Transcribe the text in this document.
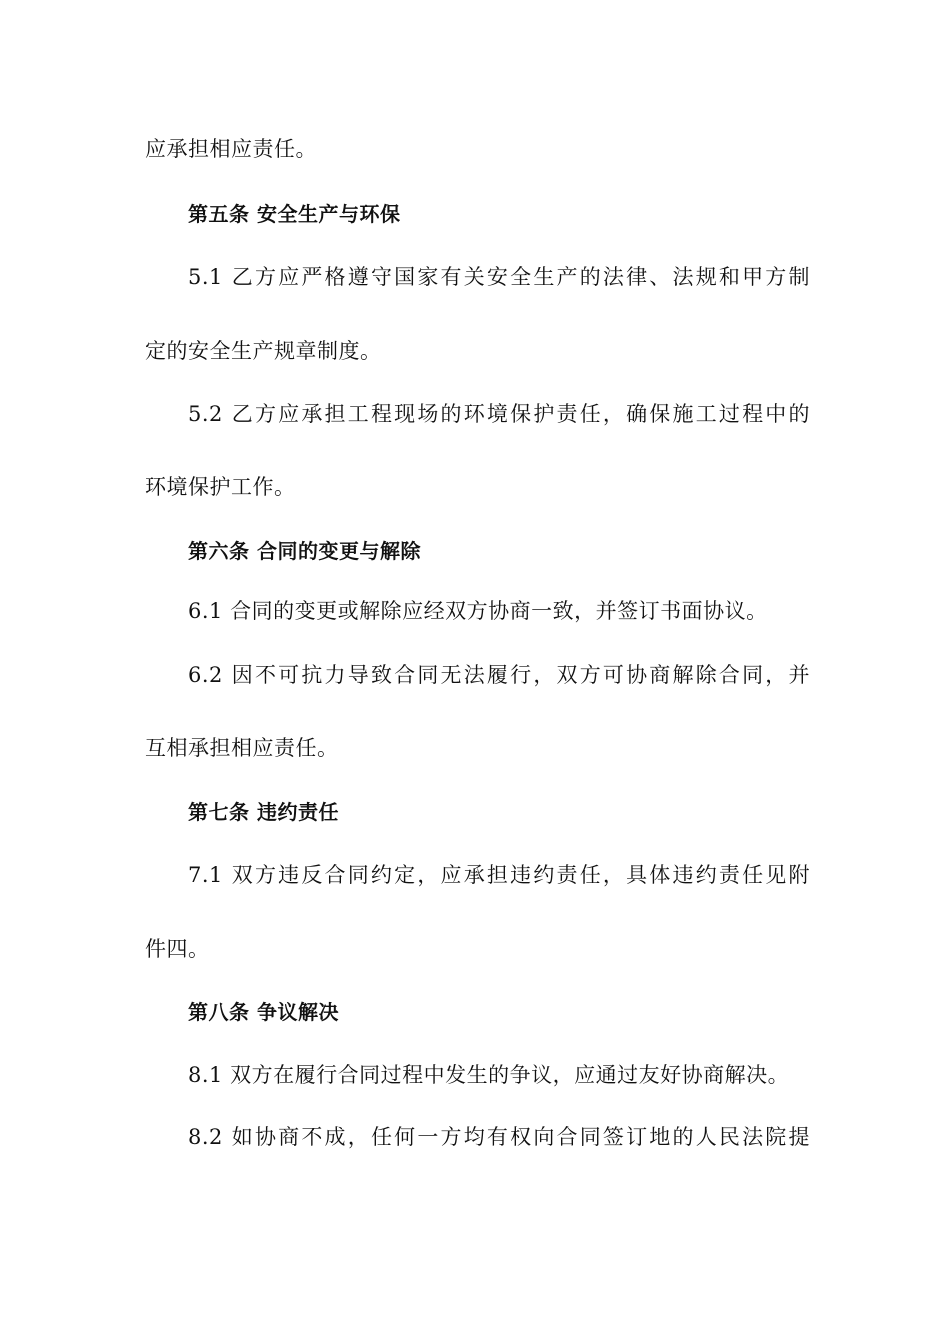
应承担相应责任。
第五条 安全生产与环保
5.1 乙方应严格遵守国家有关安全生产的法律、法规和甲方制
定的安全生产规章制度。
5.2 乙方应承担工程现场的环境保护责任，确保施工过程中的
环境保护工作。
第六条 合同的变更与解除
6.1 合同的变更或解除应经双方协商一致，并签订书面协议。
6.2 因不可抗力导致合同无法履行，双方可协商解除合同，并
互相承担相应责任。
第七条 违约责任
7.1 双方违反合同约定，应承担违约责任，具体违约责任见附
件四。
第八条 争议解决
8.1 双方在履行合同过程中发生的争议，应通过友好协商解决。
8.2 如协商不成，任何一方均有权向合同签订地的人民法院提
